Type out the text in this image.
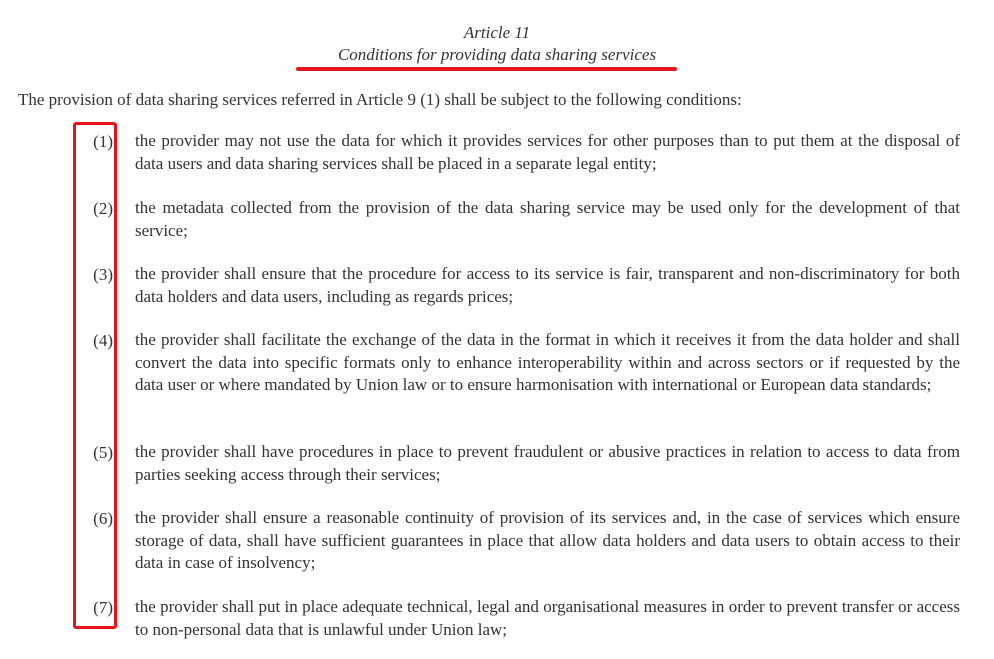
Article 11
Conditions for providing data sharing services
The provision of data sharing services referred in Article 9 (1) shall be subject to the following conditions:
(1) the provider may not use the data for which it provides services for other purposes than to put them at the disposal of data users and data sharing services shall be placed in a separate legal entity;
(2) the metadata collected from the provision of the data sharing service may be used only for the development of that service;
(3) the provider shall ensure that the procedure for access to its service is fair, transparent and non-discriminatory for both data holders and data users, including as regards prices;
(4) the provider shall facilitate the exchange of the data in the format in which it receives it from the data holder and shall convert the data into specific formats only to enhance interoperability within and across sectors or if requested by the data user or where mandated by Union law or to ensure harmonisation with international or European data standards;
(5) the provider shall have procedures in place to prevent fraudulent or abusive practices in relation to access to data from parties seeking access through their services;
(6) the provider shall ensure a reasonable continuity of provision of its services and, in the case of services which ensure storage of data, shall have sufficient guarantees in place that allow data holders and data users to obtain access to their data in case of insolvency;
(7) the provider shall put in place adequate technical, legal and organisational measures in order to prevent transfer or access to non-personal data that is unlawful under Union law;
